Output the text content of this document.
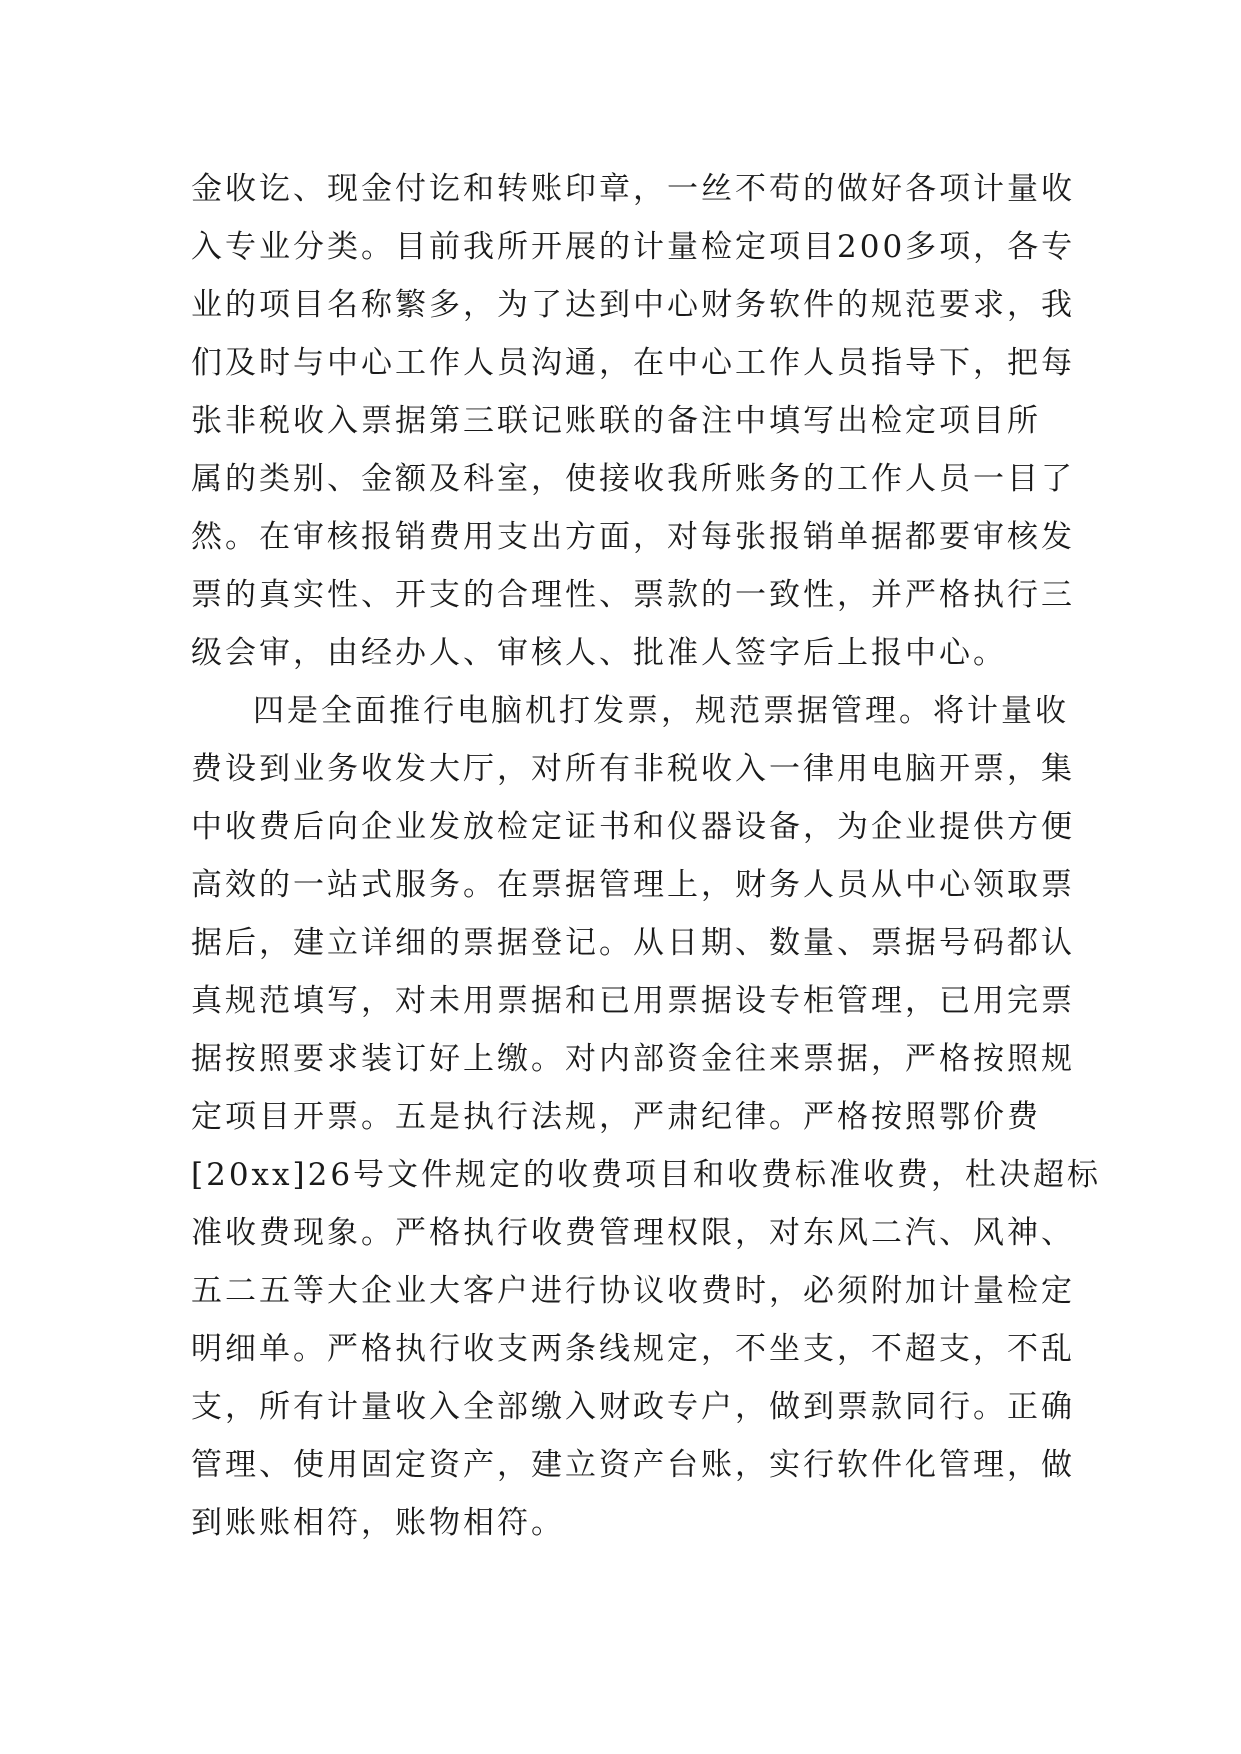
金收讫、现金付讫和转账印章，一丝不苟的做好各项计量收
入专业分类。目前我所开展的计量检定项目200多项，各专
业的项目名称繁多，为了达到中心财务软件的规范要求，我
们及时与中心工作人员沟通，在中心工作人员指导下，把每
张非税收入票据第三联记账联的备注中填写出检定项目所
属的类别、金额及科室，使接收我所账务的工作人员一目了
然。在审核报销费用支出方面，对每张报销单据都要审核发
票的真实性、开支的合理性、票款的一致性，并严格执行三
级会审，由经办人、审核人、批准人签字后上报中心。
四是全面推行电脑机打发票，规范票据管理。将计量收
费设到业务收发大厅，对所有非税收入一律用电脑开票，集
中收费后向企业发放检定证书和仪器设备，为企业提供方便
高效的一站式服务。在票据管理上，财务人员从中心领取票
据后，建立详细的票据登记。从日期、数量、票据号码都认
真规范填写，对未用票据和已用票据设专柜管理，已用完票
据按照要求装订好上缴。对内部资金往来票据，严格按照规
定项目开票。五是执行法规，严肃纪律。严格按照鄂价费
[20xx]26号文件规定的收费项目和收费标准收费，杜决超标
准收费现象。严格执行收费管理权限，对东风二汽、风神、
五二五等大企业大客户进行协议收费时，必须附加计量检定
明细单。严格执行收支两条线规定，不坐支，不超支，不乱
支，所有计量收入全部缴入财政专户，做到票款同行。正确
管理、使用固定资产，建立资产台账，实行软件化管理，做
到账账相符，账物相符。
